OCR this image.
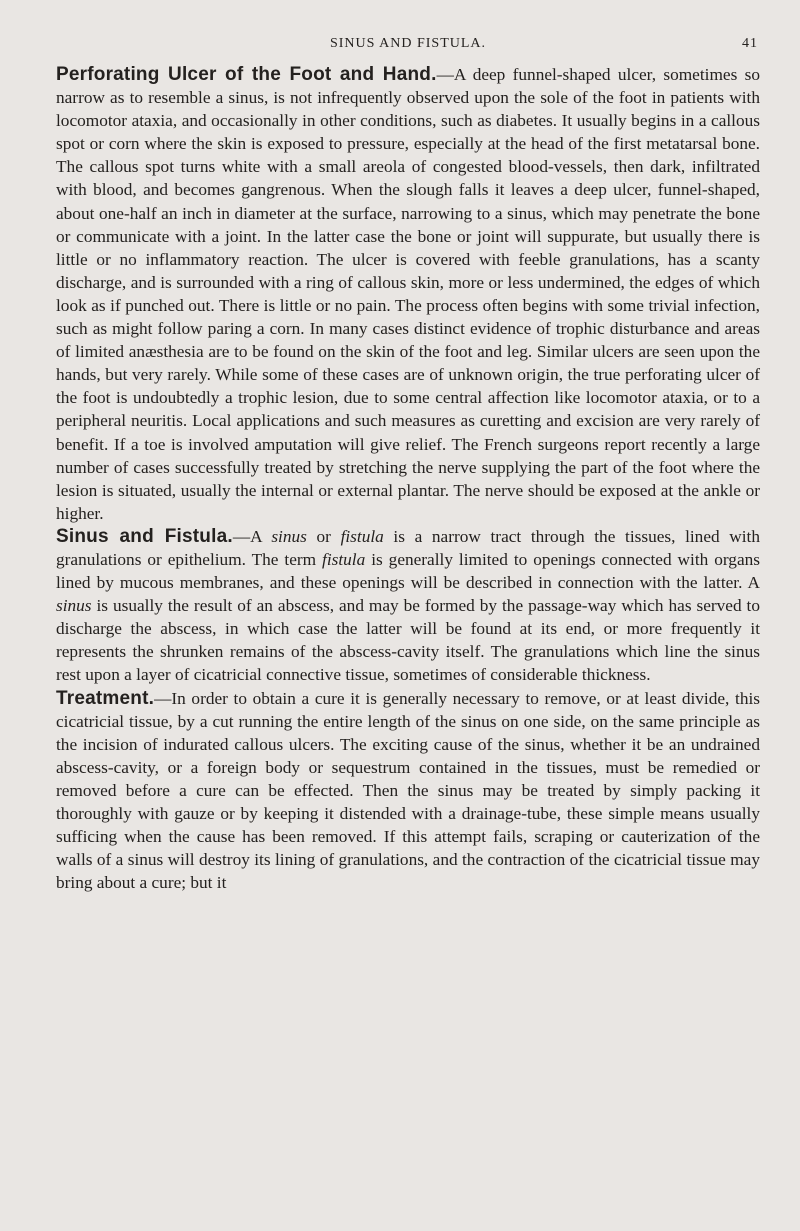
SINUS AND FISTULA.	41

Perforating Ulcer of the Foot and Hand.—A deep funnel-shaped ulcer, sometimes so narrow as to resemble a sinus, is not infrequently observed upon the sole of the foot in patients with locomotor ataxia, and occasionally in other conditions, such as diabetes. It usually begins in a callous spot or corn where the skin is exposed to pressure, especially at the head of the first metatarsal bone. The callous spot turns white with a small areola of congested blood-vessels, then dark, infiltrated with blood, and becomes gangrenous. When the slough falls it leaves a deep ulcer, funnel-shaped, about one-half an inch in diameter at the surface, narrowing to a sinus, which may penetrate the bone or communicate with a joint. In the latter case the bone or joint will suppurate, but usually there is little or no inflammatory reaction. The ulcer is covered with feeble granulations, has a scanty discharge, and is surrounded with a ring of callous skin, more or less undermined, the edges of which look as if punched out. There is little or no pain. The process often begins with some trivial infection, such as might follow paring a corn. In many cases distinct evidence of trophic disturbance and areas of limited anæsthesia are to be found on the skin of the foot and leg. Similar ulcers are seen upon the hands, but very rarely. While some of these cases are of unknown origin, the true perforating ulcer of the foot is undoubtedly a trophic lesion, due to some central affection like locomotor ataxia, or to a peripheral neuritis. Local applications and such measures as curetting and excision are very rarely of benefit. If a toe is involved amputation will give relief. The French surgeons report recently a large number of cases successfully treated by stretching the nerve supplying the part of the foot where the lesion is situated, usually the internal or external plantar. The nerve should be exposed at the ankle or higher.

Sinus and Fistula.—A sinus or fistula is a narrow tract through the tissues, lined with granulations or epithelium. The term fistula is generally limited to openings connected with organs lined by mucous membranes, and these openings will be described in connection with the latter. A sinus is usually the result of an abscess, and may be formed by the passage-way which has served to discharge the abscess, in which case the latter will be found at its end, or more frequently it represents the shrunken remains of the abscess-cavity itself. The granulations which line the sinus rest upon a layer of cicatricial connective tissue, sometimes of considerable thickness.

Treatment.—In order to obtain a cure it is generally necessary to remove, or at least divide, this cicatricial tissue, by a cut running the entire length of the sinus on one side, on the same principle as the incision of indurated callous ulcers. The exciting cause of the sinus, whether it be an undrained abscess-cavity, or a foreign body or sequestrum contained in the tissues, must be remedied or removed before a cure can be effected. Then the sinus may be treated by simply packing it thoroughly with gauze or by keeping it distended with a drainage-tube, these simple means usually sufficing when the cause has been removed. If this attempt fails, scraping or cauterization of the walls of a sinus will destroy its lining of granulations, and the contraction of the cicatricial tissue may bring about a cure; but it
